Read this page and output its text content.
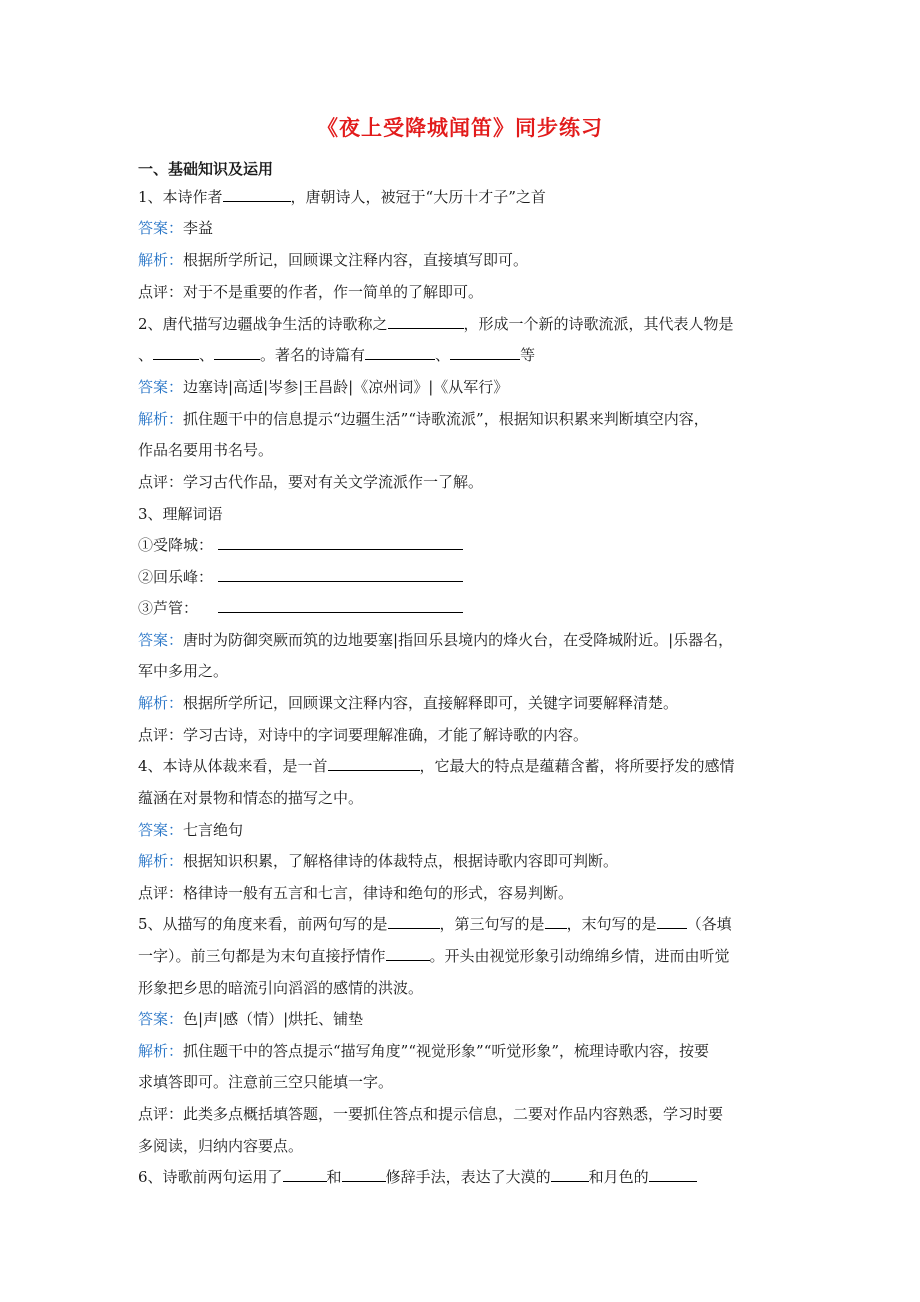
《夜上受降城闻笛》同步练习
一、基础知识及运用
1、本诗作者	，唐朝诗人，被冠于“大历十才子”之首
答案：李益
解析：根据所学所记，回顾课文注释内容，直接填写即可。
点评：对于不是重要的作者，作一简单的了解即可。
2、唐代描写边疆战争生活的诗歌称之	，形成一个新的诗歌流派，其代表人物是
、	、	。著名的诗篇有	、	等
答案：边塞诗|高适|岑参|王昌龄|《凉州词》|《从军行》
解析：抓住题干中的信息提示“边疆生活”“诗歌流派”，根据知识积累来判断填空内容，
作品名要用书名号。
点评：学习古代作品，要对有关文学流派作一了解。
3、理解词语
①受降城：
②回乐峰：
③芦管：
答案：唐时为防御突厥而筑的边地要塞|指回乐县境内的烽火台，在受降城附近。|乐器名，
军中多用之。
解析：根据所学所记，回顾课文注释内容，直接解释即可，关键字词要解释清楚。
点评：学习古诗，对诗中的字词要理解准确，才能了解诗歌的内容。
4、本诗从体裁来看，是一首	，它最大的特点是蕴藉含蓄，将所要抒发的感情
蕴涵在对景物和情态的描写之中。
答案：七言绝句
解析：根据知识积累，了解格律诗的体裁特点，根据诗歌内容即可判断。
点评：格律诗一般有五言和七言，律诗和绝句的形式，容易判断。
5、从描写的角度来看，前两句写的是	，第三句写的是 ，末句写的是 （各填
一字）。前三句都是为末句直接抒情作	。开头由视觉形象引动绵绵乡情，进而由听觉
形象把乡思的暗流引向滔滔的感情的洪波。
答案：色|声|感（情）|烘托、铺垫
解析：抓住题干中的答点提示“描写角度”“视觉形象”“听觉形象”，梳理诗歌内容，按要
求填答即可。注意前三空只能填一字。
点评：此类多点概括填答题，一要抓住答点和提示信息，二要对作品内容熟悉，学习时要
多阅读，归纳内容要点。
6、诗歌前两句运用了	和	修辞手法，表达了大漠的	和月色的
